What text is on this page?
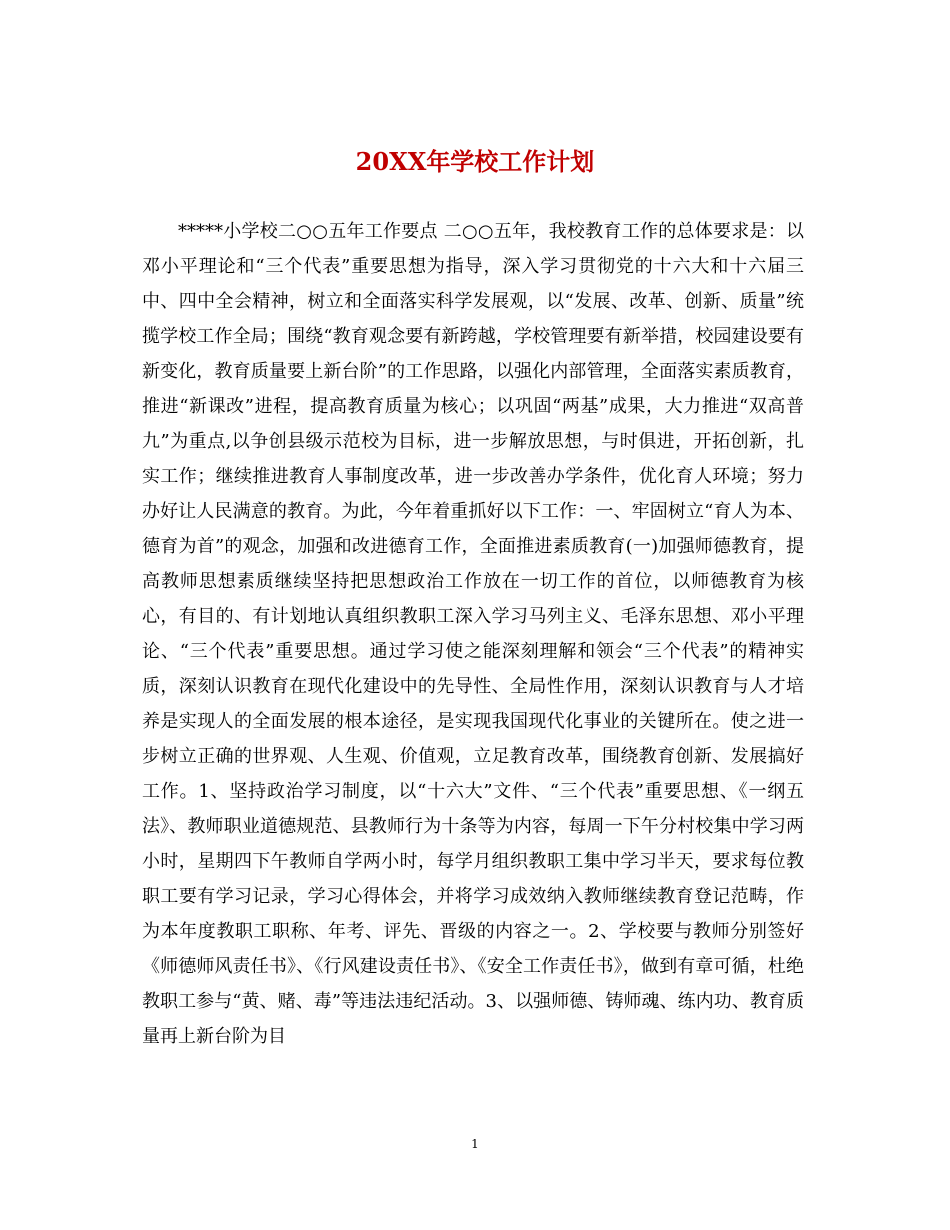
20XX年学校工作计划

*****小学校二○○五年工作要点 二○○五年，我校教育工作的总体要求是：以邓小平理论和“三个代表”重要思想为指导，深入学习贯彻党的十六大和十六届三中、四中全会精神，树立和全面落实科学发展观，以“发展、改革、创新、质量”统揽学校工作全局；围绕“教育观念要有新跨越，学校管理要有新举措，校园建设要有新变化，教育质量要上新台阶”的工作思路，以强化内部管理，全面落实素质教育，推进“新课改”进程，提高教育质量为核心；以巩固“两基”成果，大力推进“双高普九”为重点,以争创县级示范校为目标，进一步解放思想，与时俱进，开拓创新，扎实工作；继续推进教育人事制度改革，进一步改善办学条件，优化育人环境；努力办好让人民满意的教育。为此，今年着重抓好以下工作：一、牢固树立“育人为本、德育为首”的观念，加强和改进德育工作，全面推进素质教育(一)加强师德教育，提高教师思想素质继续坚持把思想政治工作放在一切工作的首位，以师德教育为核心，有目的、有计划地认真组织教职工深入学习马列主义、毛泽东思想、邓小平理论、“三个代表”重要思想。通过学习使之能深刻理解和领会“三个代表”的精神实质，深刻认识教育在现代化建设中的先导性、全局性作用，深刻认识教育与人才培养是实现人的全面发展的根本途径，是实现我国现代化事业的关键所在。使之进一步树立正确的世界观、人生观、价值观，立足教育改革，围绕教育创新、发展搞好工作。1、坚持政治学习制度，以“十六大”文件、“三个代表”重要思想、《一纲五法》、教师职业道德规范、县教师行为十条等为内容，每周一下午分村校集中学习两小时，星期四下午教师自学两小时，每学月组织教职工集中学习半天，要求每位教职工要有学习记录，学习心得体会，并将学习成效纳入教师继续教育登记范畴，作为本年度教职工职称、年考、评先、晋级的内容之一。2、学校要与教师分别签好《师德师风责任书》、《行风建设责任书》、《安全工作责任书》，做到有章可循，杜绝教职工参与“黄、赌、毒”等违法违纪活动。3、以强师德、铸师魂、练内功、教育质量再上新台阶为目

1
